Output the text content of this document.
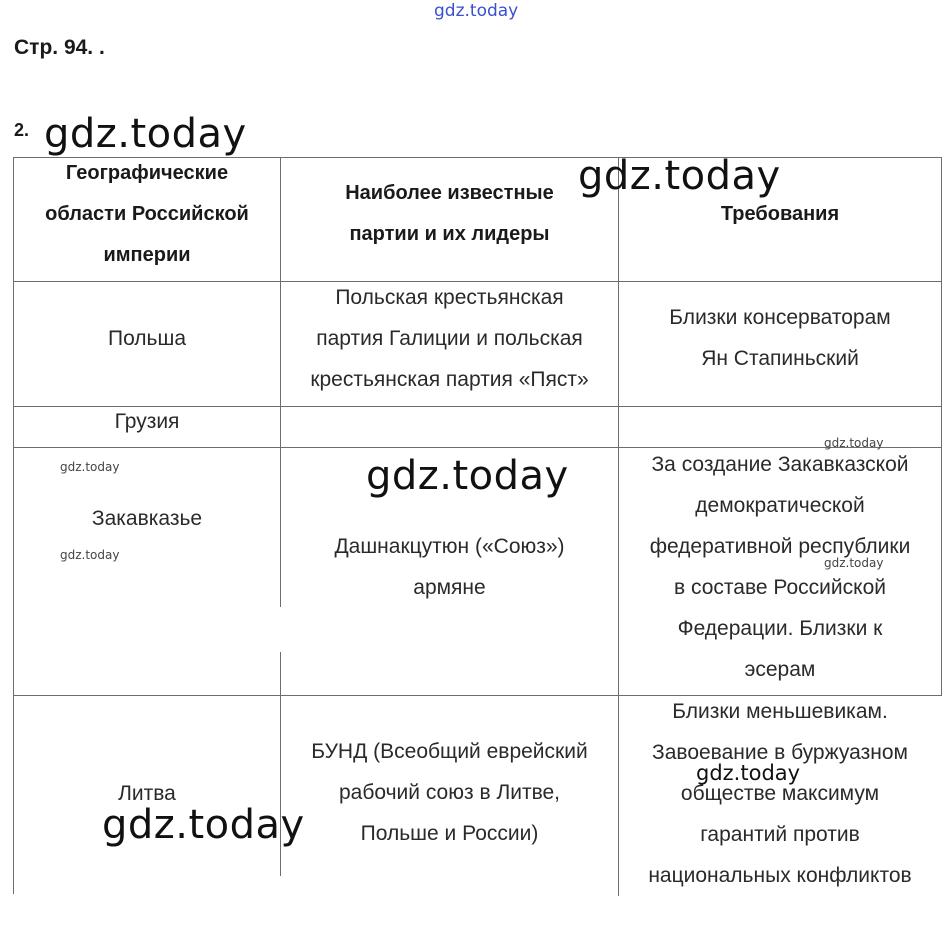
Стр. 94. .
2.
Географические
области Российской
империи
Наиболее известные
партии и их лидеры
Требования
Польша
Польская крестьянская
партия Галиции и польская
крестьянская партия «Пяст»
Близки консерваторам
Ян Стапиньский
Грузия
Закавказье
Дашнакцутюн («Союз»)
армяне
За создание Закавказской
демократической
федеративной республики
в составе Российской
Федерации. Близки к
эсерам
Литва
БУНД (Всеобщий еврейский
рабочий союз в Литве,
Польше и России)
Близки меньшевикам.
Завоевание в буржуазном
обществе максимум
гарантий против
национальных конфликтов
gdz.today
gdz.today
gdz.today
gdz.today
gdz.today
gdz.today
gdz.today
gdz.today
gdz.today
gdz.today
